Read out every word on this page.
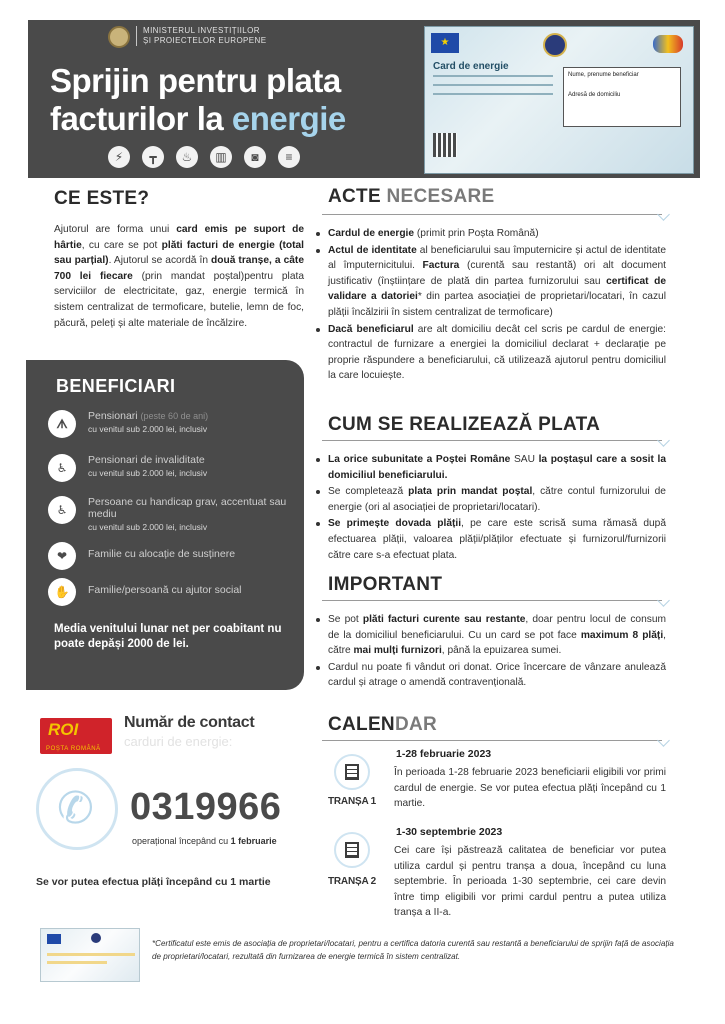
MINISTERUL INVESTIȚIILOR
ȘI PROIECTELOR EUROPENE
Sprijin pentru plata
facturilor la energie
⚡	┳	♨	▥	◙	≡
★
Card de energie

Nume, prenume beneficiar

Adresă de domiciliu

CE ESTE?

Ajutorul are forma unui card emis pe suport de hârtie, cu care se pot plăti facturi de energie (total sau parțial). Ajutorul se acordă în două tranșe, a câte 700 lei fiecare (prin mandat poștal)pentru plata serviciilor de electricitate, gaz, energie termică în sistem centralizat de termoficare, butelie, lemn de foc, păcură, peleți și alte materiale de încălzire.

BENEFICIARI
ᗑ
Pensionari (peste 60 de ani)
cu venitul sub 2.000 lei, inclusiv
♿
Pensionari de invaliditate
cu venitul sub 2.000 lei, inclusiv
♿
Persoane cu handicap grav, accentuat sau mediu
cu venitul sub 2.000 lei, inclusiv
❤	Familie cu alocație de susținere
✋	Familie/persoană cu ajutor social
Media venitului lunar net per coabitant nu poate depăși 2000 de lei.
ROI
POȘTA ROMÂNĂ
Număr de contact
carduri de energie:
✆ 0319966
operațional începând cu 1 februarie
Se vor putea efectua plăți începând cu 1 martie
*Certificatul este emis de asociația de proprietari/locatari, pentru a certifica datoria curentă sau restantă a beneficiarului de sprijin față de asociația de proprietari/locatari, rezultată din furnizarea de energie termică în sistem centralizat.
ACTE NECESARE
Cardul de energie (primit prin Poșta Română)
Actul de identitate al beneficiarului sau împuternicire și actul de identitate al împuternicitului. Factura (curentă sau restantă) ori alt document justificativ (înștiințare de plată din partea furnizorului sau certificat de validare a datoriei* din partea asociației de proprietari/locatari, în cazul plății încălzirii în sistem centralizat de termoficare)
Dacă beneficiarul are alt domiciliu decât cel scris pe cardul de energie: contractul de furnizare a energiei la domiciliul declarat + declarație pe proprie răspundere a beneficiarului, că utilizează ajutorul pentru domiciliul la care locuiește.
CUM SE REALIZEAZĂ PLATA
La orice subunitate a Poștei Române SAU la poștașul care a sosit la domiciliul beneficiarului.
Se completează plata prin mandat poștal, către contul furnizorului de energie (ori al asociației de proprietari/locatari).
Se primește dovada plății, pe care este scrisă suma rămasă după efectuarea plății, valoarea plății/plăților efectuate și furnizorul/furnizorii către care s-a efectuat plata.
IMPORTANT
Se pot plăti facturi curente sau restante, doar pentru locul de consum de la domiciliul beneficiarului. Cu un card se pot face maximum 8 plăți, către mai mulți furnizori, până la epuizarea sumei.
Cardul nu poate fi vândut ori donat. Orice încercare de vânzare anulează cardul și atrage o amendă contravențională.
CALENDAR
TRANȘA 1
1-28 februarie 2023
În perioada 1-28 februarie 2023 beneficiarii eligibili vor primi cardul de energie. Se vor putea efectua plăți începând cu 1 martie.
TRANȘA 2
1-30 septembrie 2023
Cei care își păstrează calitatea de beneficiar vor putea utiliza cardul și pentru tranșa a doua, începând cu luna septembrie. În perioada 1-30 septembrie, cei care devin între timp eligibili vor primi cardul pentru a putea utiliza tranșa a II-a.
